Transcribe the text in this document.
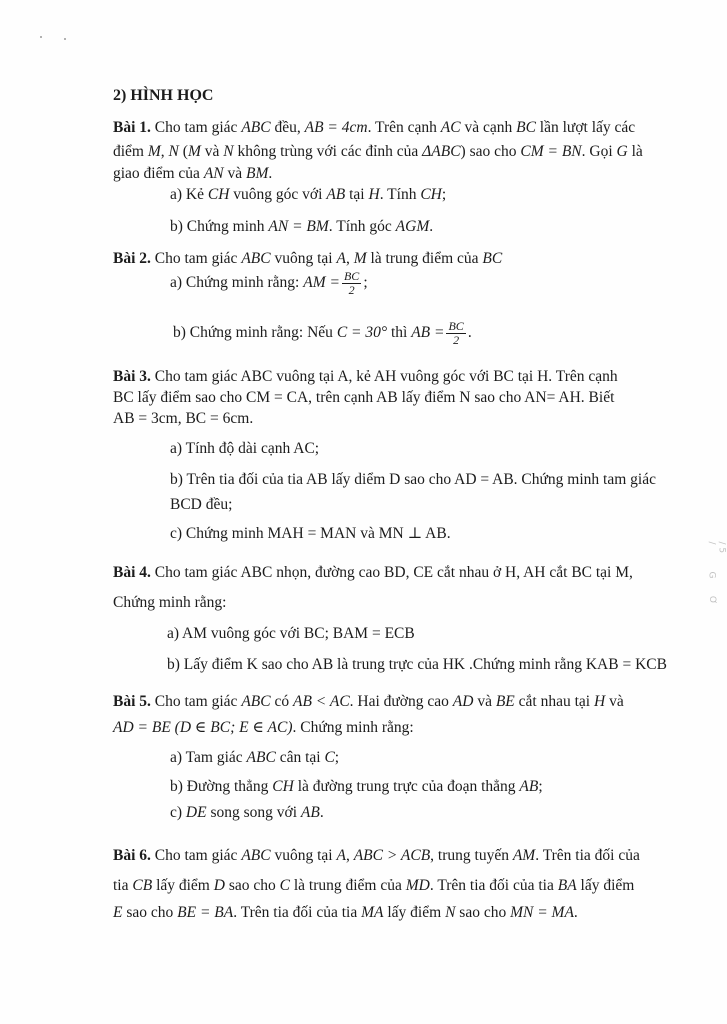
/ 5 /
G
Ơ
2) HÌNH HỌC
Bài 1. Cho tam giác ABC đều, AB = 4cm. Trên cạnh AC và cạnh BC lần lượt lấy các
điểm M, N (M và N không trùng với các đỉnh của ΔABC) sao cho CM = BN. Gọi G là
giao điểm của AN và BM.
a) Kẻ CH vuông góc với AB tại H. Tính CH;
b) Chứng minh AN = BM. Tính góc AGM.
Bài 2. Cho tam giác ABC vuông tại A, M là trung điểm của BC
a) Chứng minh rằng: AM = $\frac{BC}{2}$ ;
b) Chứng minh rằng: Nếu C = 30° thì AB = $\frac{BC}{2}$ .
Bài 3. Cho tam giác ABC vuông tại A, kẻ AH vuông góc với BC tại H. Trên cạnh
BC lấy điểm sao cho CM = CA, trên cạnh AB lấy điểm N sao cho AN= AH. Biết
AB = 3cm, BC = 6cm.
a) Tính độ dài cạnh AC;
b) Trên tia đối của tia AB lấy diểm D sao cho AD = AB. Chứng minh tam giác
BCD đều;
c) Chứng minh MAH = MAN và MN ⊥ AB.
Bài 4. Cho tam giác ABC nhọn, đường cao BD, CE cắt nhau ở H, AH cắt BC tại M,
Chứng minh rằng:
a) AM vuông góc với BC; BAM = ECB
b) Lấy điểm K sao cho AB là trung trực của HK .Chứng minh rằng KAB = KCB
Bài 5. Cho tam giác ABC có AB < AC. Hai đường cao AD và BE cắt nhau tại H và
AD = BE (D ∈ BC; E ∈ AC). Chứng minh rằng:
a) Tam giác ABC cân tại C;
b) Đường thẳng CH là đường trung trực của đoạn thẳng AB;
c) DE song song với AB.
Bài 6. Cho tam giác ABC vuông tại A, ABC > ACB, trung tuyến AM. Trên tia đối của
tia CB lấy điểm D sao cho C là trung điểm của MD. Trên tia đối của tia BA lấy điểm
E sao cho BE = BA. Trên tia đối của tia MA lấy điểm N sao cho MN = MA.
